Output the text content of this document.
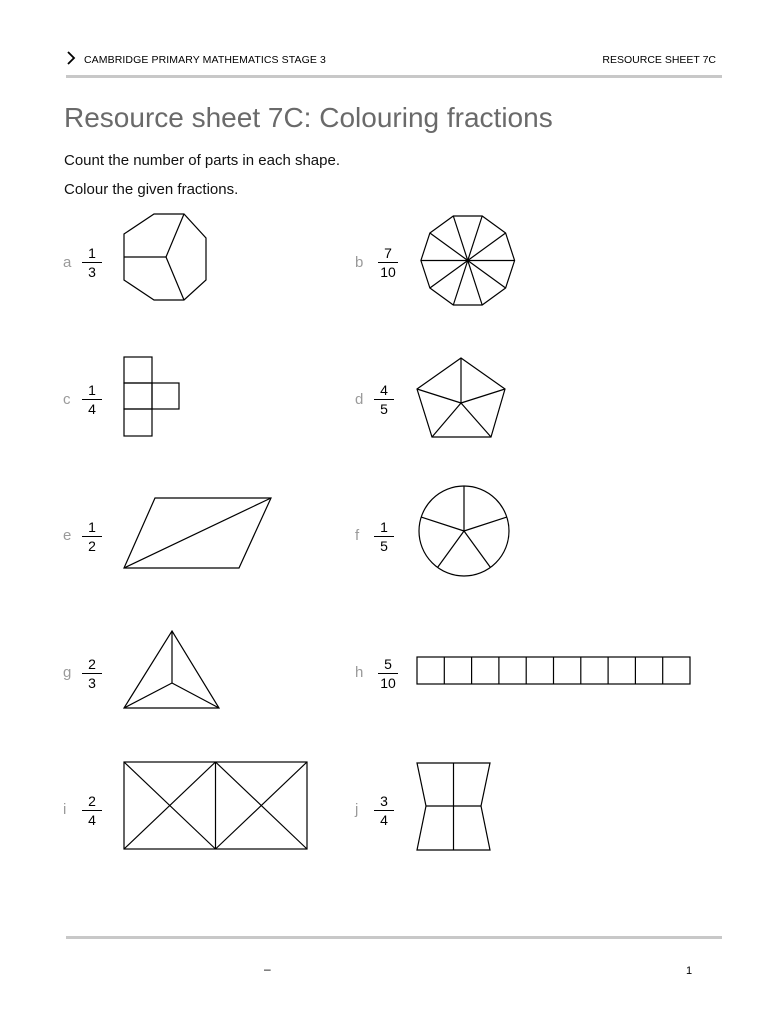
CAMBRIDGE PRIMARY MATHEMATICS STAGE 3	RESOURCE SHEET 7C
Resource sheet 7C: Colouring fractions
Count the number of parts in each shape.
Colour the given fractions.
a
1
3
b
7
10
c
1
4
d
4
5
e	1
2
f	1
5
g	2
3
h	5
10
i	2
4
j	3
4
–	1
